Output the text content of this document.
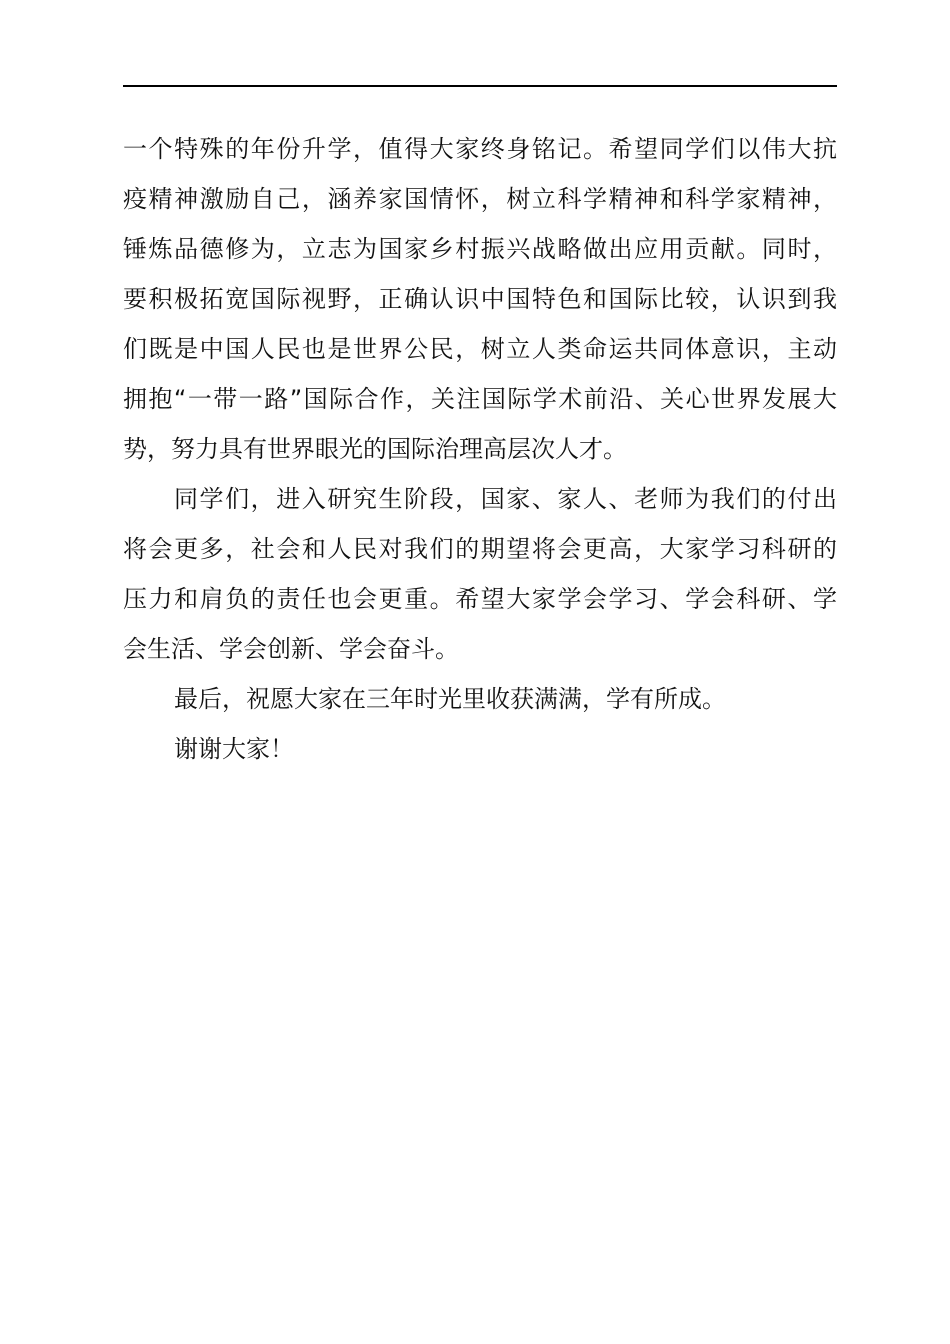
一个特殊的年份升学，值得大家终身铭记。希望同学们以伟大抗
疫精神激励自己，涵养家国情怀，树立科学精神和科学家精神，
锤炼品德修为，立志为国家乡村振兴战略做出应用贡献。同时，
要积极拓宽国际视野，正确认识中国特色和国际比较，认识到我
们既是中国人民也是世界公民，树立人类命运共同体意识，主动
拥抱“一带一路”国际合作，关注国际学术前沿、关心世界发展大
势，努力具有世界眼光的国际治理高层次人才。
同学们，进入研究生阶段，国家、家人、老师为我们的付出
将会更多，社会和人民对我们的期望将会更高，大家学习科研的
压力和肩负的责任也会更重。希望大家学会学习、学会科研、学
会生活、学会创新、学会奋斗。
最后，祝愿大家在三年时光里收获满满，学有所成。
谢谢大家！
